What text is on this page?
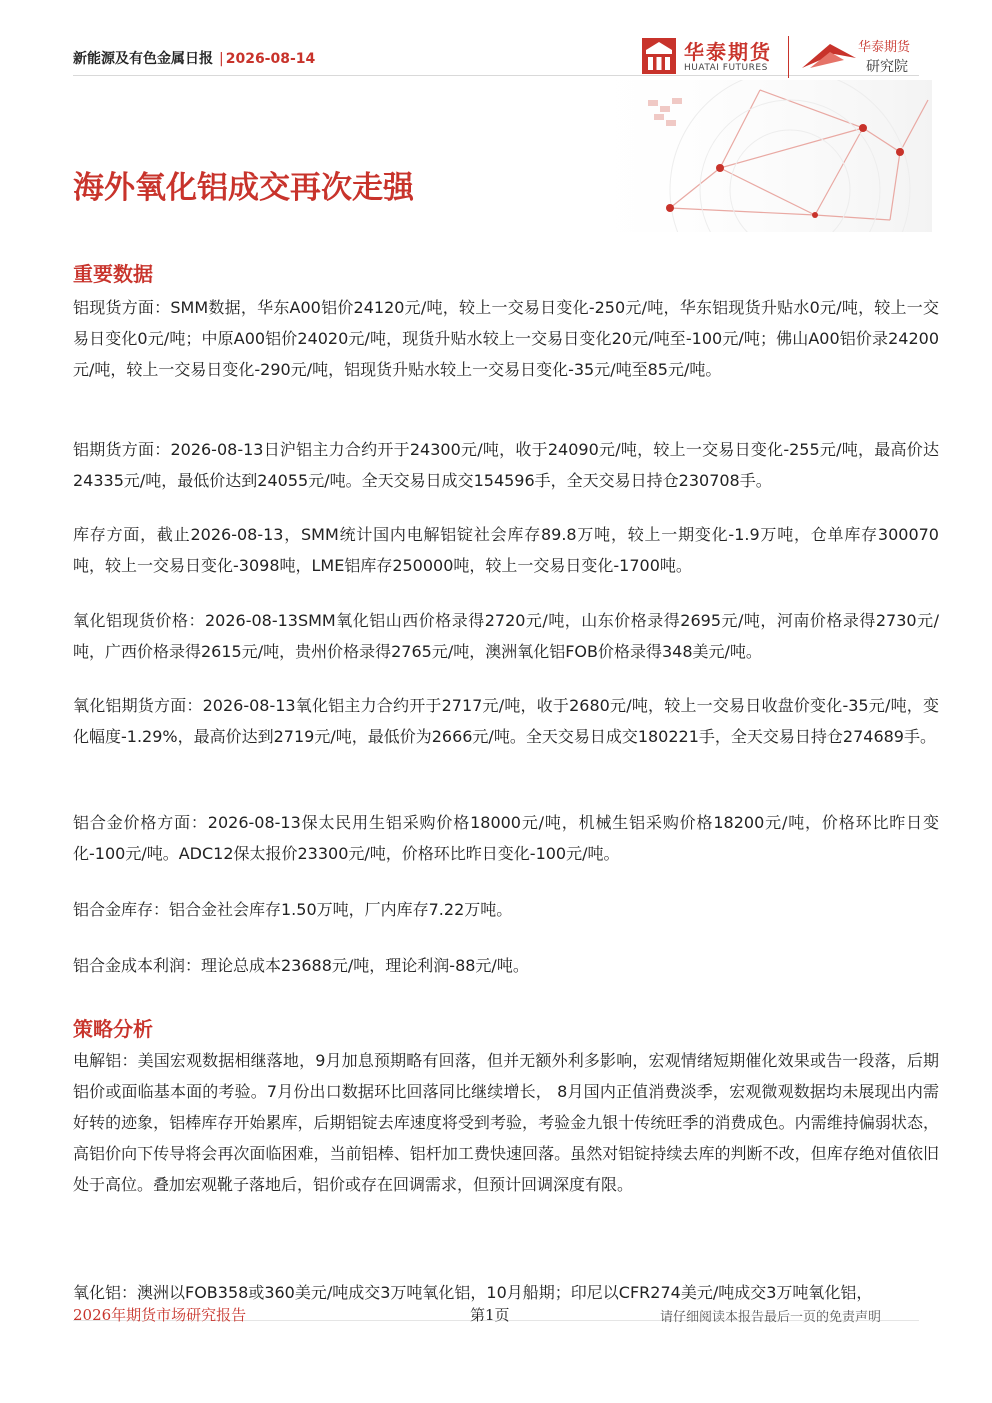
新能源及有色金属日报 | 2026-08-14	华泰期货
HUATAI FUTURES
华泰期货
研究院
海外氧化铝成交再次走强
重要数据

铝现货方面：SMM数据，华东A00铝价24120元/吨，较上一交易日变化-250元/吨，华东铝现货升贴水0元/吨，较上一交易日变化0元/吨；中原A00铝价24020元/吨，现货升贴水较上一交易日变化20元/吨至-100元/吨；佛山A00铝价录24200元/吨，较上一交易日变化-290元/吨，铝现货升贴水较上一交易日变化-35元/吨至85元/吨。

铝期货方面：2026-08-13日沪铝主力合约开于24300元/吨，收于24090元/吨，较上一交易日变化-255元/吨，最高价达24335元/吨，最低价达到24055元/吨。全天交易日成交154596手，全天交易日持仓230708手。

库存方面，截止2026-08-13，SMM统计国内电解铝锭社会库存89.8万吨，较上一期变化-1.9万吨，仓单库存300070吨，较上一交易日变化-3098吨，LME铝库存250000吨，较上一交易日变化-1700吨。

氧化铝现货价格：2026-08-13SMM氧化铝山西价格录得2720元/吨，山东价格录得2695元/吨，河南价格录得2730元/吨，广西价格录得2615元/吨，贵州价格录得2765元/吨，澳洲氧化铝FOB价格录得348美元/吨。

氧化铝期货方面：2026-08-13氧化铝主力合约开于2717元/吨，收于2680元/吨，较上一交易日收盘价变化-35元/吨，变化幅度-1.29%，最高价达到2719元/吨，最低价为2666元/吨。全天交易日成交180221手，全天交易日持仓274689手。

铝合金价格方面：2026-08-13保太民用生铝采购价格18000元/吨，机械生铝采购价格18200元/吨，价格环比昨日变化-100元/吨。ADC12保太报价23300元/吨，价格环比昨日变化-100元/吨。

铝合金库存：铝合金社会库存1.50万吨，厂内库存7.22万吨。

铝合金成本利润：理论总成本23688元/吨，理论利润-88元/吨。

策略分析

电解铝：美国宏观数据相继落地，9月加息预期略有回落，但并无额外利多影响，宏观情绪短期催化效果或告一段落，后期铝价或面临基本面的考验。7月份出口数据环比回落同比继续增长， 8月国内正值消费淡季，宏观微观数据均未展现出内需好转的迹象，铝棒库存开始累库，后期铝锭去库速度将受到考验，考验金九银十传统旺季的消费成色。内需维持偏弱状态，高铝价向下传导将会再次面临困难，当前铝棒、铝杆加工费快速回落。虽然对铝锭持续去库的判断不改，但库存绝对值依旧处于高位。叠加宏观靴子落地后，铝价或存在回调需求，但预计回调深度有限。

氧化铝：澳洲以FOB358或360美元/吨成交3万吨氧化铝，10月船期；印尼以CFR274美元/吨成交3万吨氧化铝，

2026年期货市场研究报告	第1页	请仔细阅读本报告最后一页的免责声明
